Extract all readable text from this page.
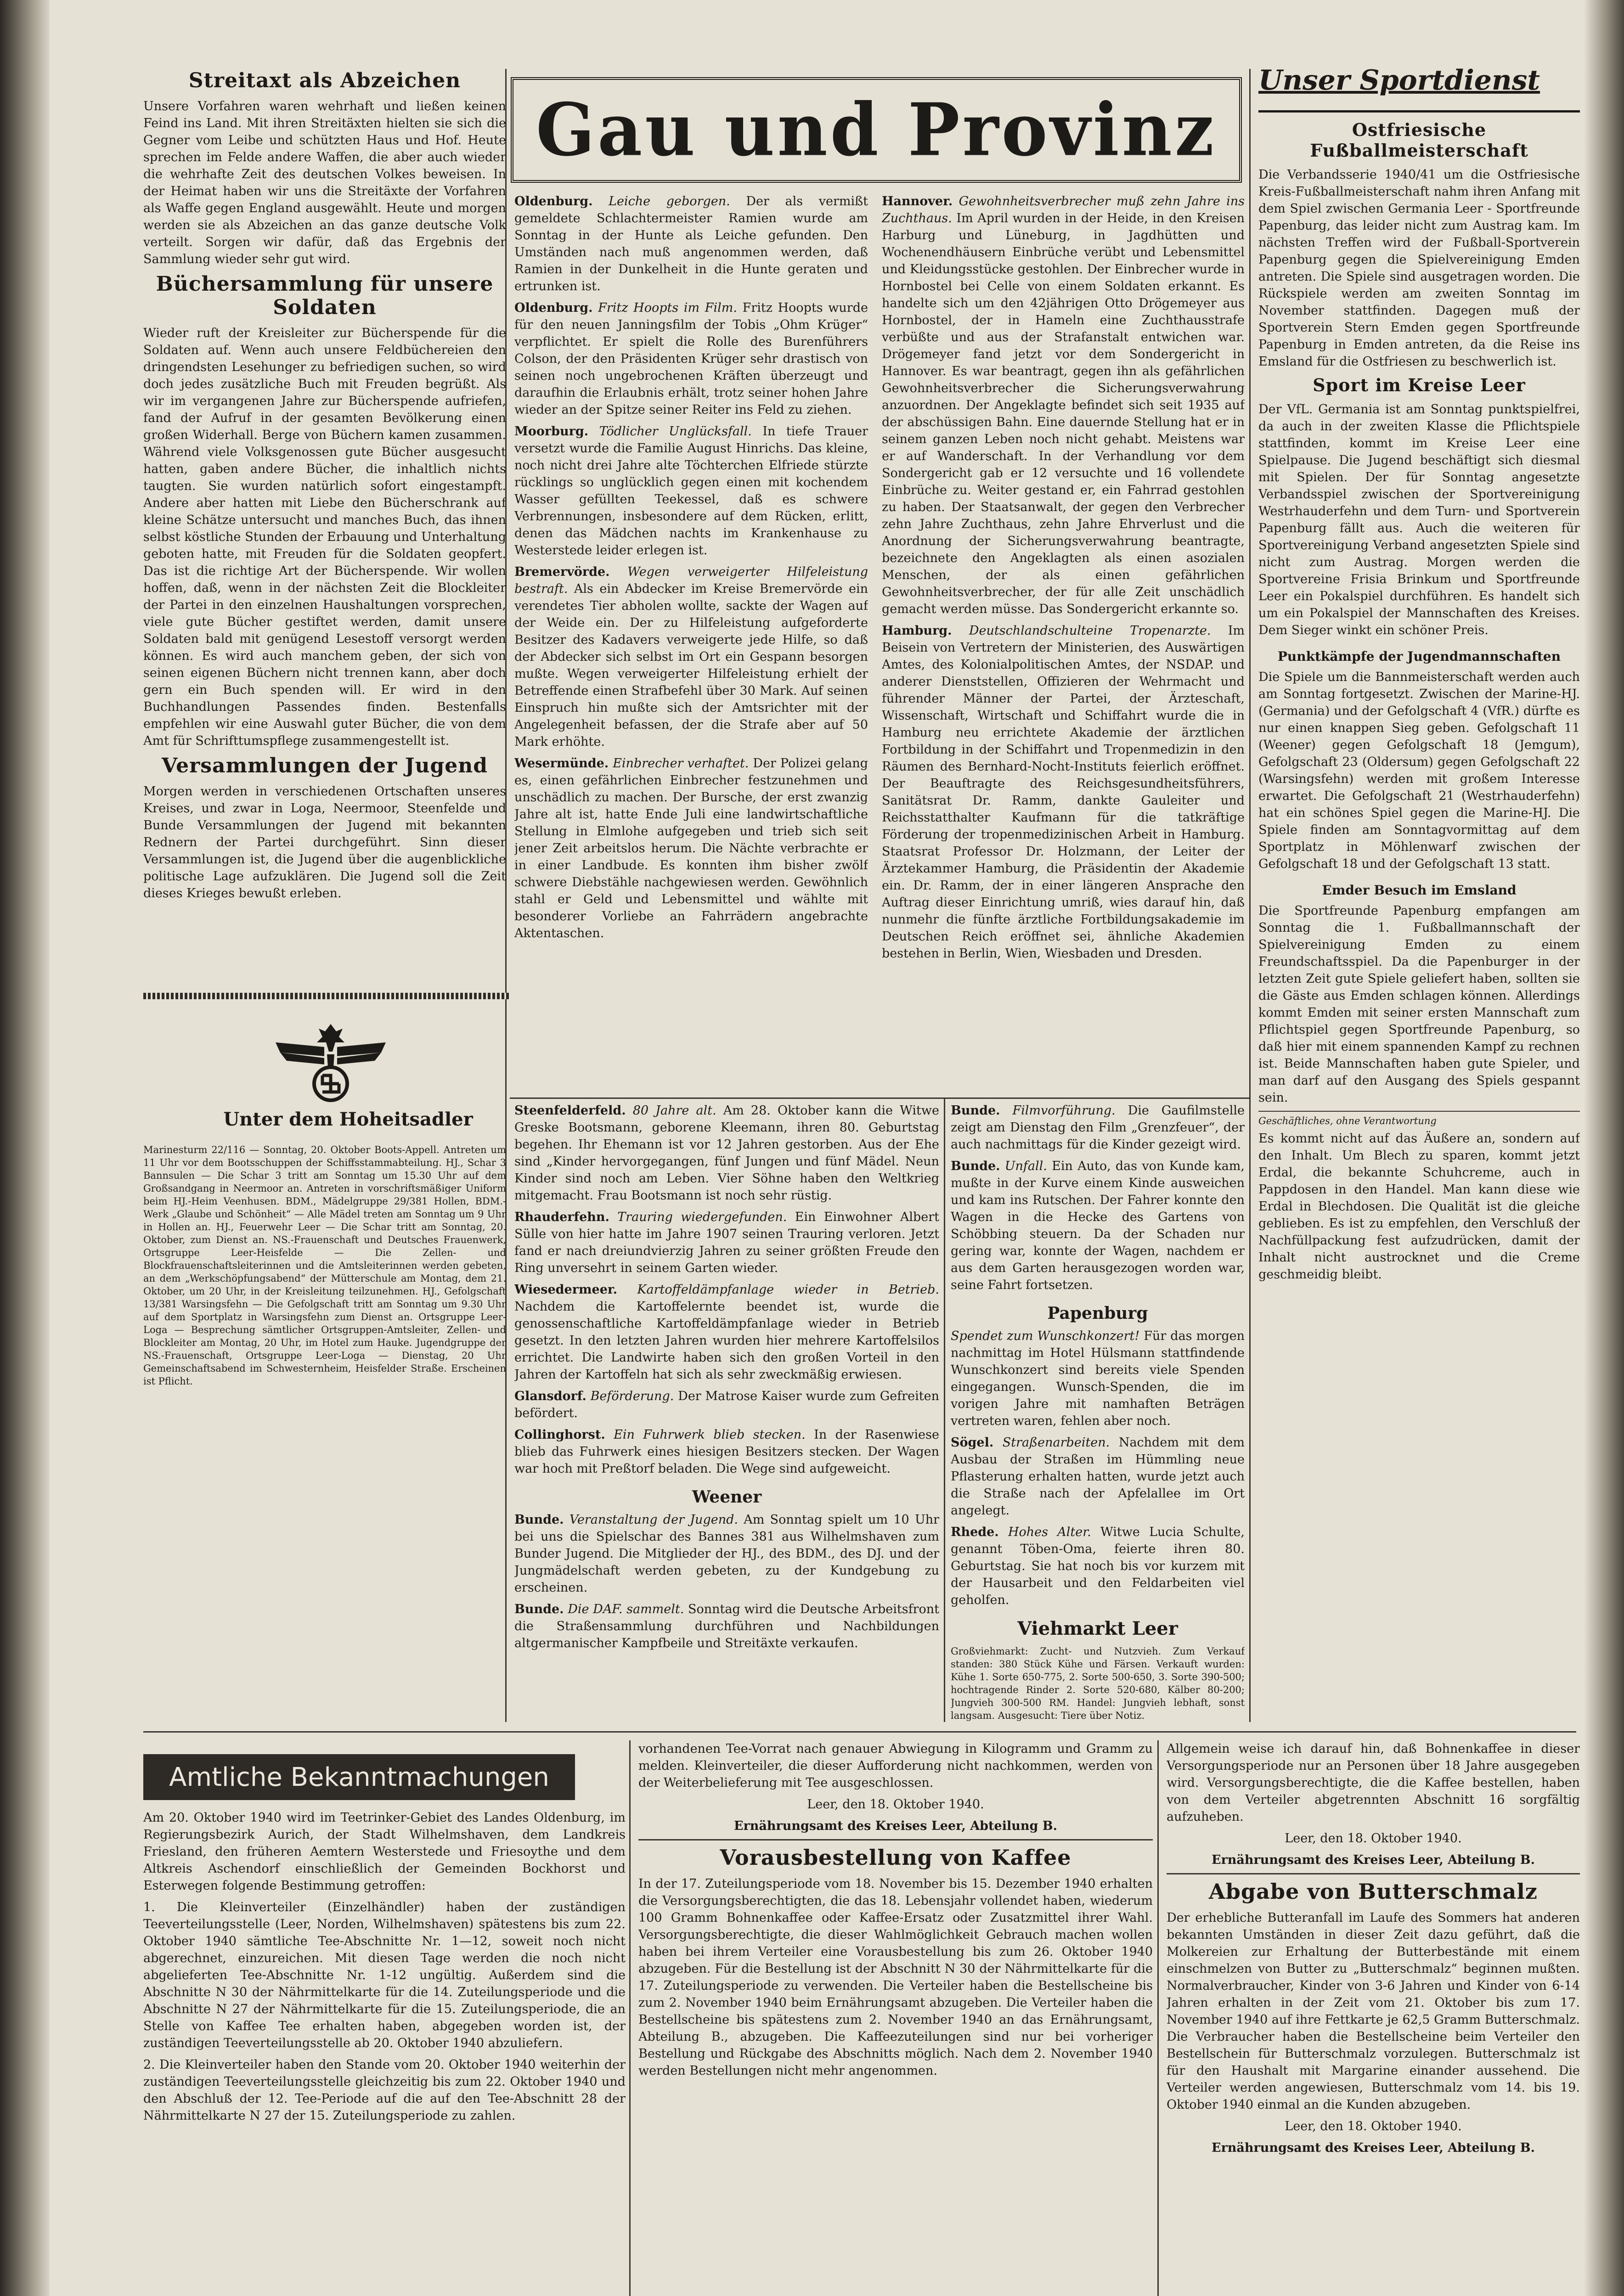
Gau und Provinz
Streitaxt als Abzeichen

Unsere Vorfahren waren wehrhaft und ließen keinen Feind ins Land. Mit ihren Streitäxten hielten sie sich die Gegner vom Leibe und schützten Haus und Hof. Heute sprechen im Felde andere Waffen, die aber auch wieder die wehrhafte Zeit des deutschen Volkes beweisen. In der Heimat haben wir uns die Streitäxte der Vorfahren als Waffe gegen England ausgewählt. Heute und morgen werden sie als Abzeichen an das ganze deutsche Volk verteilt. Sorgen wir dafür, daß das Ergebnis der Sammlung wieder sehr gut wird.

Büchersammlung für unsere Soldaten

Wieder ruft der Kreisleiter zur Bücherspende für die Soldaten auf. Wenn auch unsere Feldbüchereien den dringendsten Lesehunger zu befriedigen suchen, so wird doch jedes zusätzliche Buch mit Freuden begrüßt. Als wir im vergangenen Jahre zur Bücherspende aufriefen, fand der Aufruf in der gesamten Bevölkerung einen großen Widerhall. Berge von Büchern kamen zusammen. Während viele Volksgenossen gute Bücher ausgesucht hatten, gaben andere Bücher, die inhaltlich nichts taugten. Sie wurden natürlich sofort eingestampft. Andere aber hatten mit Liebe den Bücherschrank auf kleine Schätze untersucht und manches Buch, das ihnen selbst köstliche Stunden der Erbauung und Unterhaltung geboten hatte, mit Freuden für die Soldaten geopfert. Das ist die richtige Art der Bücherspende. Wir wollen hoffen, daß, wenn in der nächsten Zeit die Blockleiter der Partei in den einzelnen Haushaltungen vorsprechen, viele gute Bücher gestiftet werden, damit unsere Soldaten bald mit genügend Lesestoff versorgt werden können. Es wird auch manchem geben, der sich von seinen eigenen Büchern nicht trennen kann, aber doch gern ein Buch spenden will. Er wird in den Buchhandlungen Passendes finden. Bestenfalls empfehlen wir eine Auswahl guter Bücher, die von dem Amt für Schrifttumspflege zusammengestellt ist.

Versammlungen der Jugend

Morgen werden in verschiedenen Ortschaften unseres Kreises, und zwar in Loga, Neermoor, Steenfelde und Bunde Versammlungen der Jugend mit bekannten Rednern der Partei durchgeführt. Sinn dieser Versammlungen ist, die Jugend über die augenblickliche politische Lage aufzuklären. Die Jugend soll die Zeit dieses Krieges bewußt erleben.

Unter dem Hoheitsadler

Marinesturm 22/116 — Sonntag, 20. Oktober Boots-Appell. Antreten um 11 Uhr vor dem Bootsschuppen der Schiffsstammabteilung. HJ., Schar 3 Bannsulen — Die Schar 3 tritt am Sonntag um 15.30 Uhr auf dem Großsandgang in Neermoor an. Antreten in vorschriftsmäßiger Uniform beim HJ.-Heim Veenhusen. BDM., Mädelgruppe 29/381 Hollen, BDM.-Werk „Glaube und Schönheit“ — Alle Mädel treten am Sonntag um 9 Uhr in Hollen an. HJ., Feuerwehr Leer — Die Schar tritt am Sonntag, 20. Oktober, zum Dienst an. NS.-Frauenschaft und Deutsches Frauenwerk, Ortsgruppe Leer-Heisfelde — Die Zellen- und Blockfrauenschaftsleiterinnen und die Amtsleiterinnen werden gebeten, an dem „Werkschöpfungsabend“ der Mütterschule am Montag, dem 21. Oktober, um 20 Uhr, in der Kreisleitung teilzunehmen. HJ., Gefolgschaft 13/381 Warsingsfehn — Die Gefolgschaft tritt am Sonntag um 9.30 Uhr auf dem Sportplatz in Warsingsfehn zum Dienst an. Ortsgruppe Leer-Loga — Besprechung sämtlicher Ortsgruppen-Amtsleiter, Zellen- und Blockleiter am Montag, 20 Uhr, im Hotel zum Hauke. Jugendgruppe der NS.-Frauenschaft, Ortsgruppe Leer-Loga — Dienstag, 20 Uhr Gemeinschaftsabend im Schwesternheim, Heisfelder Straße. Erscheinen ist Pflicht.

Oldenburg. Leiche geborgen. Der als vermißt gemeldete Schlachtermeister Ramien wurde am Sonntag in der Hunte als Leiche gefunden. Den Umständen nach muß angenommen werden, daß Ramien in der Dunkelheit in die Hunte geraten und ertrunken ist.

Oldenburg. Fritz Hoopts im Film. Fritz Hoopts wurde für den neuen Janningsfilm der Tobis „Ohm Krüger“ verpflichtet. Er spielt die Rolle des Burenführers Colson, der den Präsidenten Krüger sehr drastisch von seinen noch ungebrochenen Kräften überzeugt und daraufhin die Erlaubnis erhält, trotz seiner hohen Jahre wieder an der Spitze seiner Reiter ins Feld zu ziehen.

Moorburg. Tödlicher Unglücksfall. In tiefe Trauer versetzt wurde die Familie August Hinrichs. Das kleine, noch nicht drei Jahre alte Töchterchen Elfriede stürzte rücklings so unglücklich gegen einen mit kochendem Wasser gefüllten Teekessel, daß es schwere Verbrennungen, insbesondere auf dem Rücken, erlitt, denen das Mädchen nachts im Krankenhause zu Westerstede leider erlegen ist.

Bremervörde. Wegen verweigerter Hilfeleistung bestraft. Als ein Abdecker im Kreise Bremervörde ein verendetes Tier abholen wollte, sackte der Wagen auf der Weide ein. Der zu Hilfeleistung aufgeforderte Besitzer des Kadavers verweigerte jede Hilfe, so daß der Abdecker sich selbst im Ort ein Gespann besorgen mußte. Wegen verweigerter Hilfeleistung erhielt der Betreffende einen Strafbefehl über 30 Mark. Auf seinen Einspruch hin mußte sich der Amtsrichter mit der Angelegenheit befassen, der die Strafe aber auf 50 Mark erhöhte.

Wesermünde. Einbrecher verhaftet. Der Polizei gelang es, einen gefährlichen Einbrecher festzunehmen und unschädlich zu machen. Der Bursche, der erst zwanzig Jahre alt ist, hatte Ende Juli eine landwirtschaftliche Stellung in Elmlohe aufgegeben und trieb sich seit jener Zeit arbeitslos herum. Die Nächte verbrachte er in einer Landbude. Es konnten ihm bisher zwölf schwere Diebstähle nachgewiesen werden. Gewöhnlich stahl er Geld und Lebensmittel und wählte mit besonderer Vorliebe an Fahrrädern angebrachte Aktentaschen.

Hannover. Gewohnheitsverbrecher muß zehn Jahre ins Zuchthaus. Im April wurden in der Heide, in den Kreisen Harburg und Lüneburg, in Jagdhütten und Wochenendhäusern Einbrüche verübt und Lebensmittel und Kleidungsstücke gestohlen. Der Einbrecher wurde in Hornbostel bei Celle von einem Soldaten erkannt. Es handelte sich um den 42jährigen Otto Drögemeyer aus Hornbostel, der in Hameln eine Zuchthausstrafe verbüßte und aus der Strafanstalt entwichen war. Drögemeyer fand jetzt vor dem Sondergericht in Hannover. Es war beantragt, gegen ihn als gefährlichen Gewohnheitsverbrecher die Sicherungsverwahrung anzuordnen. Der Angeklagte befindet sich seit 1935 auf der abschüssigen Bahn. Eine dauernde Stellung hat er in seinem ganzen Leben noch nicht gehabt. Meistens war er auf Wanderschaft. In der Verhandlung vor dem Sondergericht gab er 12 versuchte und 16 vollendete Einbrüche zu. Weiter gestand er, ein Fahrrad gestohlen zu haben. Der Staatsanwalt, der gegen den Verbrecher zehn Jahre Zuchthaus, zehn Jahre Ehrverlust und die Anordnung der Sicherungsverwahrung beantragte, bezeichnete den Angeklagten als einen asozialen Menschen, der als einen gefährlichen Gewohnheitsverbrecher, der für alle Zeit unschädlich gemacht werden müsse. Das Sondergericht erkannte so.

Hamburg. Deutschlandschulteine Tropenarzte. Im Beisein von Vertretern der Ministerien, des Auswärtigen Amtes, des Kolonialpolitischen Amtes, der NSDAP. und anderer Dienststellen, Offizieren der Wehrmacht und führender Männer der Partei, der Ärzteschaft, Wissenschaft, Wirtschaft und Schiffahrt wurde die in Hamburg neu errichtete Akademie der ärztlichen Fortbildung in der Schiffahrt und Tropenmedizin in den Räumen des Bernhard-Nocht-Instituts feierlich eröffnet. Der Beauftragte des Reichsgesundheitsführers, Sanitätsrat Dr. Ramm, dankte Gauleiter und Reichsstatthalter Kaufmann für die tatkräftige Förderung der tropenmedizinischen Arbeit in Hamburg. Staatsrat Professor Dr. Holzmann, der Leiter der Ärztekammer Hamburg, die Präsidentin der Akademie ein. Dr. Ramm, der in einer längeren Ansprache den Auftrag dieser Einrichtung umriß, wies darauf hin, daß nunmehr die fünfte ärztliche Fortbildungsakademie im Deutschen Reich eröffnet sei, ähnliche Akademien bestehen in Berlin, Wien, Wiesbaden und Dresden.

Steenfelderfeld. 80 Jahre alt. Am 28. Oktober kann die Witwe Greske Bootsmann, geborene Kleemann, ihren 80. Geburtstag begehen. Ihr Ehemann ist vor 12 Jahren gestorben. Aus der Ehe sind „Kinder hervorgegangen, fünf Jungen und fünf Mädel. Neun Kinder sind noch am Leben. Vier Söhne haben den Weltkrieg mitgemacht. Frau Bootsmann ist noch sehr rüstig.

Rhauderfehn. Trauring wiedergefunden. Ein Einwohner Albert Sülle von hier hatte im Jahre 1907 seinen Trauring verloren. Jetzt fand er nach dreiundvierzig Jahren zu seiner größten Freude den Ring unversehrt in seinem Garten wieder.

Wiesedermeer. Kartoffeldämpfanlage wieder in Betrieb. Nachdem die Kartoffelernte beendet ist, wurde die genossenschaftliche Kartoffeldämpfanlage wieder in Betrieb gesetzt. In den letzten Jahren wurden hier mehrere Kartoffelsilos errichtet. Die Landwirte haben sich den großen Vorteil in den Jahren der Kartoffeln hat sich als sehr zweckmäßig erwiesen.

Glansdorf. Beförderung. Der Matrose Kaiser wurde zum Gefreiten befördert.

Collinghorst. Ein Fuhrwerk blieb stecken. In der Rasenwiese blieb das Fuhrwerk eines hiesigen Besitzers stecken. Der Wagen war hoch mit Preßtorf beladen. Die Wege sind aufgeweicht.

Weener

Bunde. Veranstaltung der Jugend. Am Sonntag spielt um 10 Uhr bei uns die Spielschar des Bannes 381 aus Wilhelmshaven zum Bunder Jugend. Die Mitglieder der HJ., des BDM., des DJ. und der Jungmädelschaft werden gebeten, zu der Kundgebung zu erscheinen.

Bunde. Die DAF. sammelt. Sonntag wird die Deutsche Arbeitsfront die Straßensammlung durchführen und Nachbildungen altgermanischer Kampfbeile und Streitäxte verkaufen.

Bunde. Filmvorführung. Die Gaufilmstelle zeigt am Dienstag den Film „Grenzfeuer“, der auch nachmittags für die Kinder gezeigt wird.

Bunde. Unfall. Ein Auto, das von Kunde kam, mußte in der Kurve einem Kinde ausweichen und kam ins Rutschen. Der Fahrer konnte den Wagen in die Hecke des Gartens von Schöbbing steuern. Da der Schaden nur gering war, konnte der Wagen, nachdem er aus dem Garten herausgezogen worden war, seine Fahrt fortsetzen.

Papenburg

Spendet zum Wunschkonzert! Für das morgen nachmittag im Hotel Hülsmann stattfindende Wunschkonzert sind bereits viele Spenden eingegangen. Wunsch-Spenden, die im vorigen Jahre mit namhaften Beträgen vertreten waren, fehlen aber noch.

Sögel. Straßenarbeiten. Nachdem mit dem Ausbau der Straßen im Hümmling neue Pflasterung erhalten hatten, wurde jetzt auch die Straße nach der Apfelallee im Ort angelegt.

Rhede. Hohes Alter. Witwe Lucia Schulte, genannt Töben-Oma, feierte ihren 80. Geburtstag. Sie hat noch bis vor kurzem mit der Hausarbeit und den Feldarbeiten viel geholfen.

Viehmarkt Leer

Großviehmarkt: Zucht- und Nutzvieh. Zum Verkauf standen: 380 Stück Kühe und Färsen. Verkauft wurden: Kühe 1. Sorte 650-775, 2. Sorte 500-650, 3. Sorte 390-500; hochtragende Rinder 2. Sorte 520-680, Kälber 80-200; Jungvieh 300-500 RM. Handel: Jungvieh lebhaft, sonst langsam. Ausgesucht: Tiere über Notiz.

Unser Sportdienst
Ostfriesische Fußballmeisterschaft

Die Verbandsserie 1940/41 um die Ostfriesische Kreis-Fußballmeisterschaft nahm ihren Anfang mit dem Spiel zwischen Germania Leer - Sportfreunde Papenburg, das leider nicht zum Austrag kam. Im nächsten Treffen wird der Fußball-Sportverein Papenburg gegen die Spielvereinigung Emden antreten. Die Spiele sind ausgetragen worden. Die Rückspiele werden am zweiten Sonntag im November stattfinden. Dagegen muß der Sportverein Stern Emden gegen Sportfreunde Papenburg in Emden antreten, da die Reise ins Emsland für die Ostfriesen zu beschwerlich ist.

Sport im Kreise Leer

Der VfL. Germania ist am Sonntag punktspielfrei, da auch in der zweiten Klasse die Pflichtspiele stattfinden, kommt im Kreise Leer eine Spielpause. Die Jugend beschäftigt sich diesmal mit Spielen. Der für Sonntag angesetzte Verbandsspiel zwischen der Sportvereinigung Westrhauderfehn und dem Turn- und Sportverein Papenburg fällt aus. Auch die weiteren für Sportvereinigung Verband angesetzten Spiele sind nicht zum Austrag. Morgen werden die Sportvereine Frisia Brinkum und Sportfreunde Leer ein Pokalspiel durchführen. Es handelt sich um ein Pokalspiel der Mannschaften des Kreises. Dem Sieger winkt ein schöner Preis.

Punktkämpfe der Jugendmannschaften

Die Spiele um die Bannmeisterschaft werden auch am Sonntag fortgesetzt. Zwischen der Marine-HJ. (Germania) und der Gefolgschaft 4 (VfR.) dürfte es nur einen knappen Sieg geben. Gefolgschaft 11 (Weener) gegen Gefolgschaft 18 (Jemgum), Gefolgschaft 23 (Oldersum) gegen Gefolgschaft 22 (Warsingsfehn) werden mit großem Interesse erwartet. Die Gefolgschaft 21 (Westrhauderfehn) hat ein schönes Spiel gegen die Marine-HJ. Die Spiele finden am Sonntagvormittag auf dem Sportplatz in Möhlenwarf zwischen der Gefolgschaft 18 und der Gefolgschaft 13 statt.

Emder Besuch im Emsland

Die Sportfreunde Papenburg empfangen am Sonntag die 1. Fußballmannschaft der Spielvereinigung Emden zu einem Freundschaftsspiel. Da die Papenburger in der letzten Zeit gute Spiele geliefert haben, sollten sie die Gäste aus Emden schlagen können. Allerdings kommt Emden mit seiner ersten Mannschaft zum Pflichtspiel gegen Sportfreunde Papenburg, so daß hier mit einem spannenden Kampf zu rechnen ist. Beide Mannschaften haben gute Spieler, und man darf auf den Ausgang des Spiels gespannt sein.

Geschäftliches, ohne Verantwortung

Es kommt nicht auf das Äußere an, sondern auf den Inhalt. Um Blech zu sparen, kommt jetzt Erdal, die bekannte Schuhcreme, auch in Pappdosen in den Handel. Man kann diese wie Erdal in Blechdosen. Die Qualität ist die gleiche geblieben. Es ist zu empfehlen, den Verschluß der Nachfüllpackung fest aufzudrücken, damit der Inhalt nicht austrocknet und die Creme geschmeidig bleibt.

Amtliche Bekanntmachungen

Am 20. Oktober 1940 wird im Teetrinker-Gebiet des Landes Oldenburg, im Regierungsbezirk Aurich, der Stadt Wilhelmshaven, dem Landkreis Friesland, den früheren Aemtern Westerstede und Friesoythe und dem Altkreis Aschendorf einschließlich der Gemeinden Bockhorst und Esterwegen folgende Bestimmung getroffen:

1. Die Kleinverteiler (Einzelhändler) haben der zuständigen Teeverteilungsstelle (Leer, Norden, Wilhelmshaven) spätestens bis zum 22. Oktober 1940 sämtliche Tee-Abschnitte Nr. 1—12, soweit noch nicht abgerechnet, einzureichen. Mit diesen Tage werden die noch nicht abgelieferten Tee-Abschnitte Nr. 1-12 ungültig. Außerdem sind die Abschnitte N 30 der Nährmittelkarte für die 14. Zuteilungsperiode und die Abschnitte N 27 der Nährmittelkarte für die 15. Zuteilungsperiode, die an Stelle von Kaffee Tee erhalten haben, abgegeben worden ist, der zuständigen Teeverteilungsstelle ab 20. Oktober 1940 abzuliefern.

2. Die Kleinverteiler haben den Stande vom 20. Oktober 1940 weiterhin der zuständigen Teeverteilungsstelle gleichzeitig bis zum 22. Oktober 1940 und den Abschluß der 12. Tee-Periode auf die auf den Tee-Abschnitt 28 der Nährmittelkarte N 27 der 15. Zuteilungsperiode zu zahlen.

vorhandenen Tee-Vorrat nach genauer Abwiegung in Kilogramm und Gramm zu melden. Kleinverteiler, die dieser Aufforderung nicht nachkommen, werden von der Weiterbelieferung mit Tee ausgeschlossen.

Leer, den 18. Oktober 1940.

Ernährungsamt des Kreises Leer, Abteilung B.

Vorausbestellung von Kaffee

In der 17. Zuteilungsperiode vom 18. November bis 15. Dezember 1940 erhalten die Versorgungsberechtigten, die das 18. Lebensjahr vollendet haben, wiederum 100 Gramm Bohnenkaffee oder Kaffee-Ersatz oder Zusatzmittel ihrer Wahl. Versorgungsberechtigte, die dieser Wahlmöglichkeit Gebrauch machen wollen haben bei ihrem Verteiler eine Vorausbestellung bis zum 26. Oktober 1940 abzugeben. Für die Bestellung ist der Abschnitt N 30 der Nährmittelkarte für die 17. Zuteilungsperiode zu verwenden. Die Verteiler haben die Bestellscheine bis zum 2. November 1940 beim Ernährungsamt abzugeben. Die Verteiler haben die Bestellscheine bis spätestens zum 2. November 1940 an das Ernährungsamt, Abteilung B., abzugeben. Die Kaffeezuteilungen sind nur bei vorheriger Bestellung und Rückgabe des Abschnitts möglich. Nach dem 2. November 1940 werden Bestellungen nicht mehr angenommen.

Allgemein weise ich darauf hin, daß Bohnenkaffee in dieser Versorgungsperiode nur an Personen über 18 Jahre ausgegeben wird. Versorgungsberechtigte, die die Kaffee bestellen, haben von dem Verteiler abgetrennten Abschnitt 16 sorgfältig aufzuheben.

Leer, den 18. Oktober 1940.

Ernährungsamt des Kreises Leer, Abteilung B.

Abgabe von Butterschmalz

Der erhebliche Butteranfall im Laufe des Sommers hat anderen bekannten Umständen in dieser Zeit dazu geführt, daß die Molkereien zur Erhaltung der Butterbestände mit einem einschmelzen von Butter zu „Butterschmalz“ beginnen mußten. Normalverbraucher, Kinder von 3-6 Jahren und Kinder von 6-14 Jahren erhalten in der Zeit vom 21. Oktober bis zum 17. November 1940 auf ihre Fettkarte je 62,5 Gramm Butterschmalz. Die Verbraucher haben die Bestellscheine beim Verteiler den Bestellschein für Butterschmalz vorzulegen. Butterschmalz ist für den Haushalt mit Margarine einander aussehend. Die Verteiler werden angewiesen, Butterschmalz vom 14. bis 19. Oktober 1940 einmal an die Kunden abzugeben.

Leer, den 18. Oktober 1940.

Ernährungsamt des Kreises Leer, Abteilung B.
